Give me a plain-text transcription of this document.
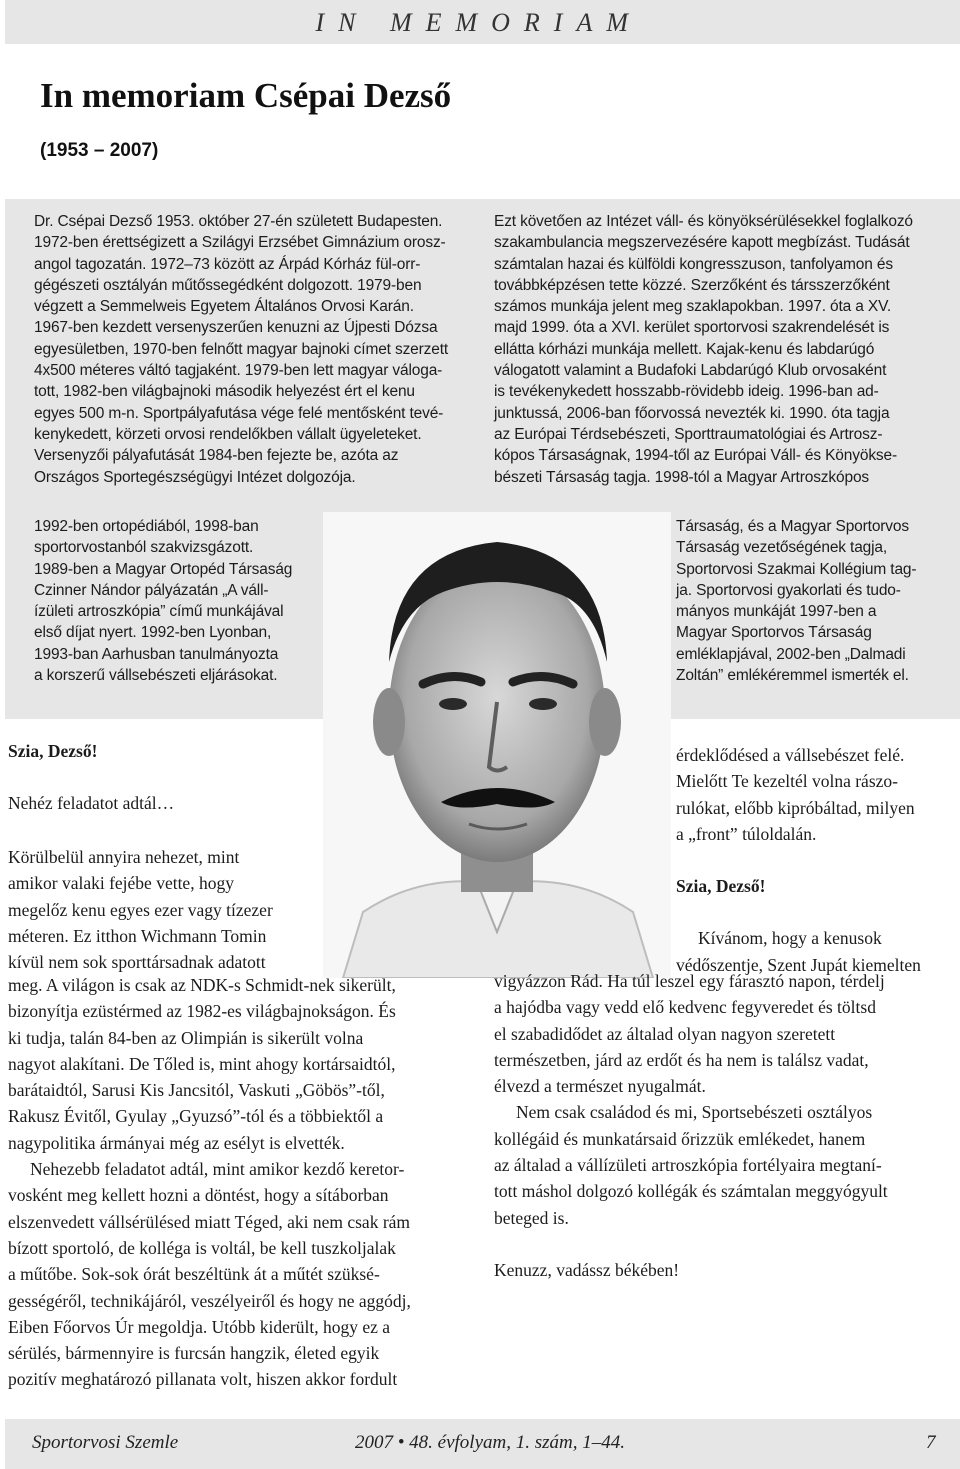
IN MEMORIAM
In memoriam Csépai Dezső
(1953 – 2007)

Dr. Csépai Dezső 1953. október 27-én született Budapesten.

1972-ben érettségizett a Szilágyi Erzsébet Gimnázium orosz-

angol tagozatán. 1972–73 között az Árpád Kórház fül-orr-

gégészeti osztályán műtőssegédként dolgozott. 1979-ben

végzett a Semmelweis Egyetem Általános Orvosi Karán.

1967-ben kezdett versenyszerűen kenuzni az Újpesti Dózsa

egyesületben, 1970-ben felnőtt magyar bajnoki címet szerzett

4x500 méteres váltó tagjaként. 1979-ben lett magyar váloga-

tott, 1982-ben világbajnoki második helyezést ért el kenu

egyes 500 m-n. Sportpályafutása vége felé mentősként tevé-

kenykedett, körzeti orvosi rendelőkben vállalt ügyeleteket.

Versenyzői pályafutását 1984-ben fejezte be, azóta az

Országos Sportegészségügyi Intézet dolgozója.

1992-ben ortopédiából, 1998-ban

sportorvostanból szakvizsgázott.

1989-ben a Magyar Ortopéd Társaság

Czinner Nándor pályázatán „A váll-

ízületi artroszkópia” című munkájával

első díjat nyert. 1992-ben Lyonban,

1993-ban Aarhusban tanulmányozta

a korszerű vállsebészeti eljárásokat.

Ezt követően az Intézet váll- és könyöksérülésekkel foglalkozó

szakambulancia megszervezésére kapott megbízást. Tudását

számtalan hazai és külföldi kongresszuson, tanfolyamon és

továbbképzésen tette közzé. Szerzőként és társszerzőként

számos munkája jelent meg szaklapokban. 1997. óta a XV.

majd 1999. óta a XVI. kerület sportorvosi szakrendelését is

ellátta kórházi munkája mellett. Kajak-kenu és labdarúgó

válogatott valamint a Budafoki Labdarúgó Klub orvosaként

is tevékenykedett hosszabb-rövidebb ideig. 1996-ban ad-

junktussá, 2006-ban főorvossá nevezték ki. 1990. óta tagja

az Európai Térdsebészeti, Sporttraumatológiai és Artrosz-

kópos Társaságnak, 1994-től az Európai Váll- és Könyökse-

bészeti Társaság tagja. 1998-tól a Magyar Artroszkópos

Társaság, és a Magyar Sportorvos

Társaság vezetőségének tagja,

Sportorvosi Szakmai Kollégium tag-

ja. Sportorvosi gyakorlati és tudo-

mányos munkáját 1997-ben a

Magyar Sportorvos Társaság

emléklapjával, 2002-ben „Dalmadi

Zoltán” emlékéremmel ismerték el.

Szia, Dezső!

Nehéz feladatot adtál…

Körülbelül annyira nehezet, mint

amikor valaki fejébe vette, hogy

megelőz kenu egyes ezer vagy tízezer

méteren. Ez itthon Wichmann Tomin

kívül nem sok sporttársadnak adatott

meg. A világon is csak az NDK-s Schmidt-nek sikerült,

bizonyítja ezüstérmed az 1982-es világbajnokságon. És

ki tudja, talán 84-ben az Olimpián is sikerült volna

nagyot alakítani. De Tőled is, mint ahogy kortársaidtól,

barátaidtól, Sarusi Kis Jancsitól, Vaskuti „Göbös”-től,

Rakusz Évitől, Gyulay „Gyuzsó”-tól és a többiektől a

nagypolitika ármányai még az esélyt is elvették.

Nehezebb feladatot adtál, mint amikor kezdő keretor-

vosként meg kellett hozni a döntést, hogy a sítáborban

elszenvedett vállsérülésed miatt Téged, aki nem csak rám

bízott sportoló, de kolléga is voltál, be kell tuszkoljalak

a műtőbe. Sok-sok órát beszéltünk át a műtét szüksé-

gességéről, technikájáról, veszélyeiről és hogy ne aggódj,

Eiben Főorvos Úr megoldja. Utóbb kiderült, hogy ez a

sérülés, bármennyire is furcsán hangzik, életed egyik

pozitív meghatározó pillanata volt, hiszen akkor fordult

érdeklődésed a vállsebészet felé.

Mielőtt Te kezeltél volna rászo-

rulókat, előbb kipróbáltad, milyen

a „front” túloldalán.

Szia, Dezső!

Kívánom, hogy a kenusok

védőszentje, Szent Jupát kiemelten

vigyázzon Rád. Ha túl leszel egy fárasztó napon, térdelj

a hajódba vagy vedd elő kedvenc fegyveredet és töltsd

el szabadidődet az általad olyan nagyon szeretett

természetben, járd az erdőt és ha nem is találsz vadat,

élvezd a természet nyugalmát.

Nem csak családod és mi, Sportsebészeti osztályos

kollégáid és munkatársaid őrizzük emlékedet, hanem

az általad a vállízületi artroszkópia fortélyaira megtaní-

tott máshol dolgozó kollégák és számtalan meggyógyult

beteged is.

Kenuzz, vadássz békében!

Sportorvosi Szemle	2007 • 48. évfolyam, 1. szám, 1–44.	7
